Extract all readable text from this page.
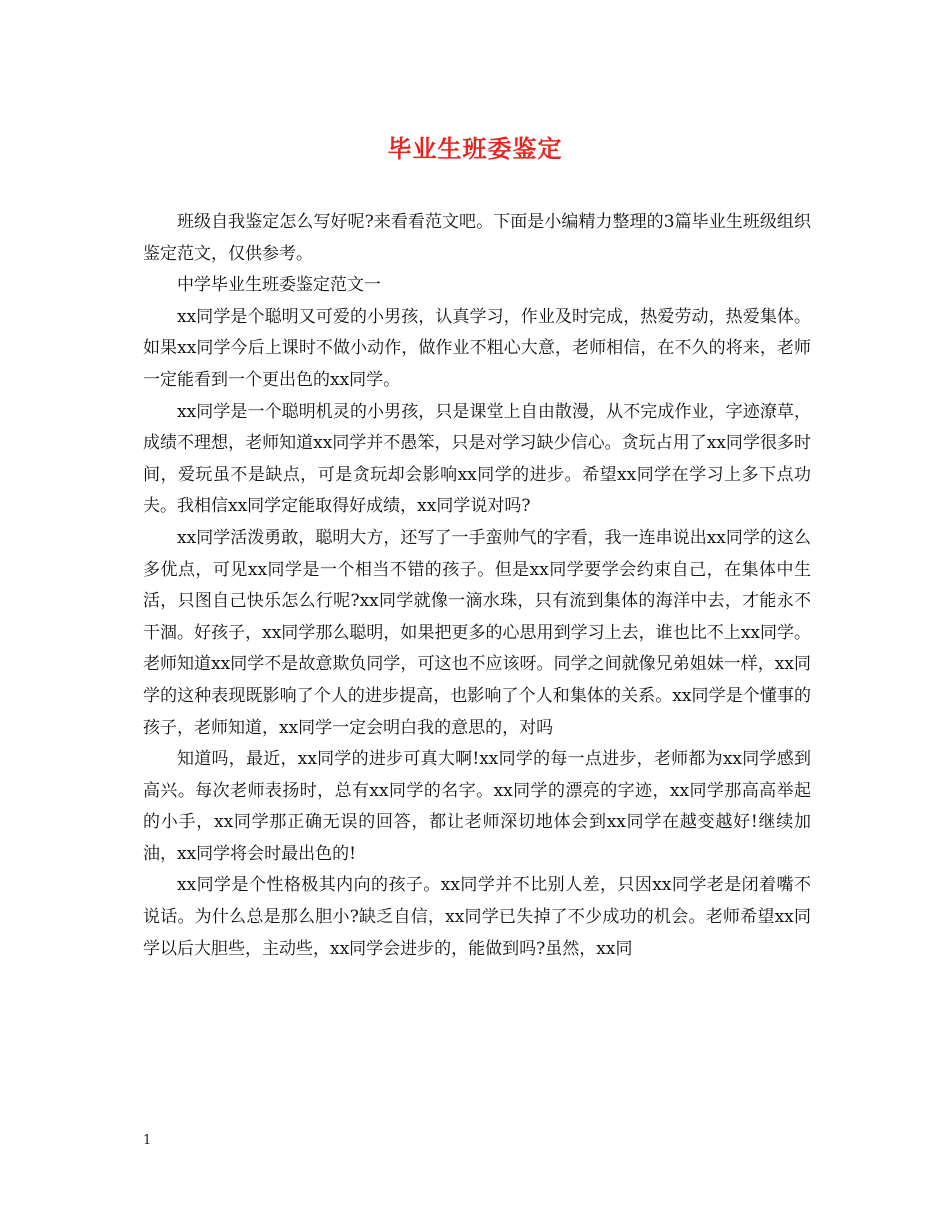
毕业生班委鉴定

班级自我鉴定怎么写好呢?来看看范文吧。下面是小编精力整理的3篇毕业生班级组织鉴定范文，仅供参考。

中学毕业生班委鉴定范文一

xx同学是个聪明又可爱的小男孩，认真学习，作业及时完成，热爱劳动，热爱集体。如果xx同学今后上课时不做小动作，做作业不粗心大意，老师相信，在不久的将来，老师一定能看到一个更出色的xx同学。

xx同学是一个聪明机灵的小男孩，只是课堂上自由散漫，从不完成作业，字迹潦草，成绩不理想，老师知道xx同学并不愚笨，只是对学习缺少信心。贪玩占用了xx同学很多时间，爱玩虽不是缺点，可是贪玩却会影响xx同学的进步。希望xx同学在学习上多下点功夫。我相信xx同学定能取得好成绩，xx同学说对吗?

xx同学活泼勇敢，聪明大方，还写了一手蛮帅气的字看，我一连串说出xx同学的这么多优点，可见xx同学是一个相当不错的孩子。但是xx同学要学会约束自己，在集体中生活，只图自己快乐怎么行呢?xx同学就像一滴水珠，只有流到集体的海洋中去，才能永不干涸。好孩子，xx同学那么聪明，如果把更多的心思用到学习上去，谁也比不上xx同学。老师知道xx同学不是故意欺负同学，可这也不应该呀。同学之间就像兄弟姐妹一样，xx同学的这种表现既影响了个人的进步提高，也影响了个人和集体的关系。xx同学是个懂事的孩子，老师知道，xx同学一定会明白我的意思的，对吗

知道吗，最近，xx同学的进步可真大啊!xx同学的每一点进步，老师都为xx同学感到高兴。每次老师表扬时，总有xx同学的名字。xx同学的漂亮的字迹，xx同学那高高举起的小手，xx同学那正确无误的回答，都让老师深切地体会到xx同学在越变越好!继续加油，xx同学将会时最出色的!

xx同学是个性格极其内向的孩子。xx同学并不比别人差，只因xx同学老是闭着嘴不说话。为什么总是那么胆小?缺乏自信，xx同学已失掉了不少成功的机会。老师希望xx同学以后大胆些，主动些，xx同学会进步的，能做到吗?虽然，xx同

1
